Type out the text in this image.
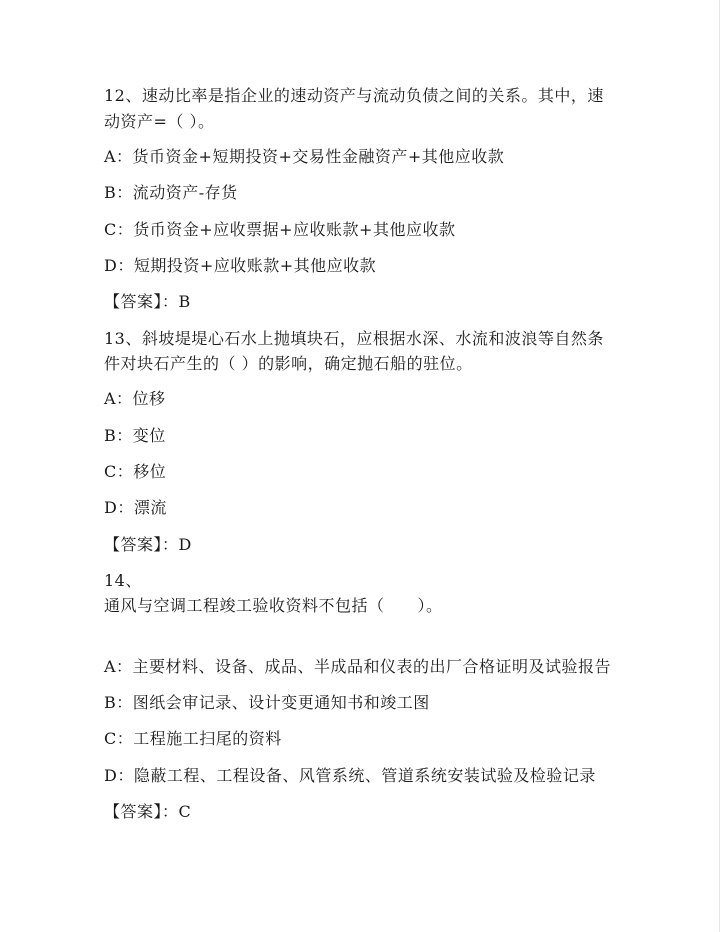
12、速动比率是指企业的速动资产与流动负债之间的关系。其中，速
动资产=（ ）。
A：货币资金+短期投资+交易性金融资产+其他应收款
B：流动资产-存货
C：货币资金+应收票据+应收账款+其他应收款
D：短期投资+应收账款+其他应收款
【答案】：B
13、斜坡堤堤心石水上抛填块石，应根据水深、水流和波浪等自然条
件对块石产生的（ ）的影响，确定抛石船的驻位。
A：位移
B：变位
C：移位
D：漂流
【答案】：D
14、
通风与空调工程竣工验收资料不包括（　　）。
A：主要材料、设备、成品、半成品和仪表的出厂合格证明及试验报告
B：图纸会审记录、设计变更通知书和竣工图
C：工程施工扫尾的资料
D：隐蔽工程、工程设备、风管系统、管道系统安装试验及检验记录
【答案】：C
